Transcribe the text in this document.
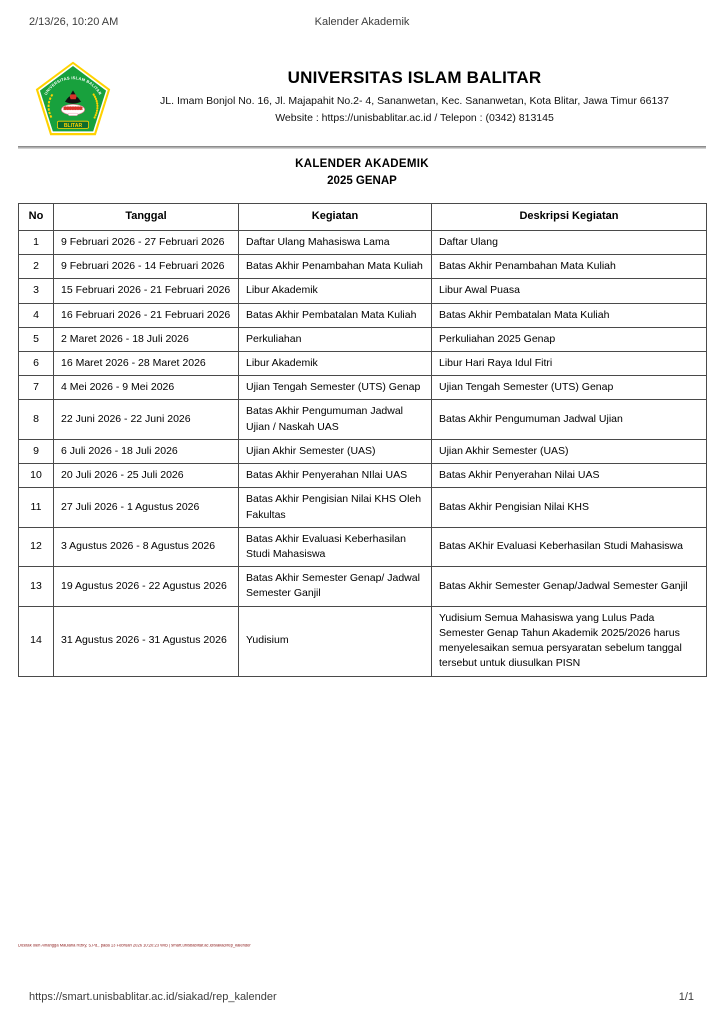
2/13/26, 10:20 AM	Kalender Akademik
UNIVERSITAS ISLAM BALITAR
BLITAR
UNIVERSITAS ISLAM BALITAR
JL. Imam Bonjol No. 16, Jl. Majapahit No.2- 4, Sananwetan, Kec. Sananwetan, Kota Blitar, Jawa Timur 66137
Website : https://unisbablitar.ac.id / Telepon : (0342) 813145
KALENDER AKADEMIK
2025 GENAP
No	Tanggal	Kegiatan	Deskripsi Kegiatan
1	9 Februari 2026 - 27 Februari 2026	Daftar Ulang Mahasiswa Lama	Daftar Ulang
2	9 Februari 2026 - 14 Februari 2026	Batas Akhir Penambahan Mata Kuliah	Batas Akhir Penambahan Mata Kuliah
3	15 Februari 2026 - 21 Februari 2026	Libur Akademik	Libur Awal Puasa
4	16 Februari 2026 - 21 Februari 2026	Batas Akhir Pembatalan Mata Kuliah	Batas Akhir Pembatalan Mata Kuliah
5	2 Maret 2026 - 18 Juli 2026	Perkuliahan	Perkuliahan 2025 Genap
6	16 Maret 2026 - 28 Maret 2026	Libur Akademik	Libur Hari Raya Idul Fitri
7	4 Mei 2026 - 9 Mei 2026	Ujian Tengah Semester (UTS) Genap	Ujian Tengah Semester (UTS) Genap
8	22 Juni 2026 - 22 Juni 2026	Batas Akhir Pengumuman Jadwal Ujian / Naskah UAS	Batas Akhir Pengumuman Jadwal Ujian
9	6 Juli 2026 - 18 Juli 2026	Ujian Akhir Semester (UAS)	Ujian Akhir Semester (UAS)
10	20 Juli 2026 - 25 Juli 2026	Batas Akhir Penyerahan NIlai UAS	Batas Akhir Penyerahan Nilai UAS
11	27 Juli 2026 - 1 Agustus 2026	Batas Akhir Pengisian Nilai KHS Oleh Fakultas	Batas Akhir Pengisian Nilai KHS
12	3 Agustus 2026 - 8 Agustus 2026	Batas Akhir Evaluasi Keberhasilan Studi Mahasiswa	Batas AKhir Evaluasi Keberhasilan Studi Mahasiswa
13	19 Agustus 2026 - 22 Agustus 2026	Batas Akhir Semester Genap/ Jadwal Semester Ganjil	Batas Akhir Semester Genap/Jadwal Semester Ganjil
14	31 Agustus 2026 - 31 Agustus 2026	Yudisium	Yudisium Semua Mahasiswa yang Lulus Pada Semester Genap Tahun Akademik 2025/2026 harus menyelesaikan semua persyaratan sebelum tanggal tersebut untuk diusulkan PISN
Dicetak oleh Airlangga Maulana Rizky, S.Pd., pada 13 Februari 2026 10:20:23 WIB | smart.unisbablitar.ac.id/siakad/rep_kalender
https://smart.unisbablitar.ac.id/siakad/rep_kalender	1/1
